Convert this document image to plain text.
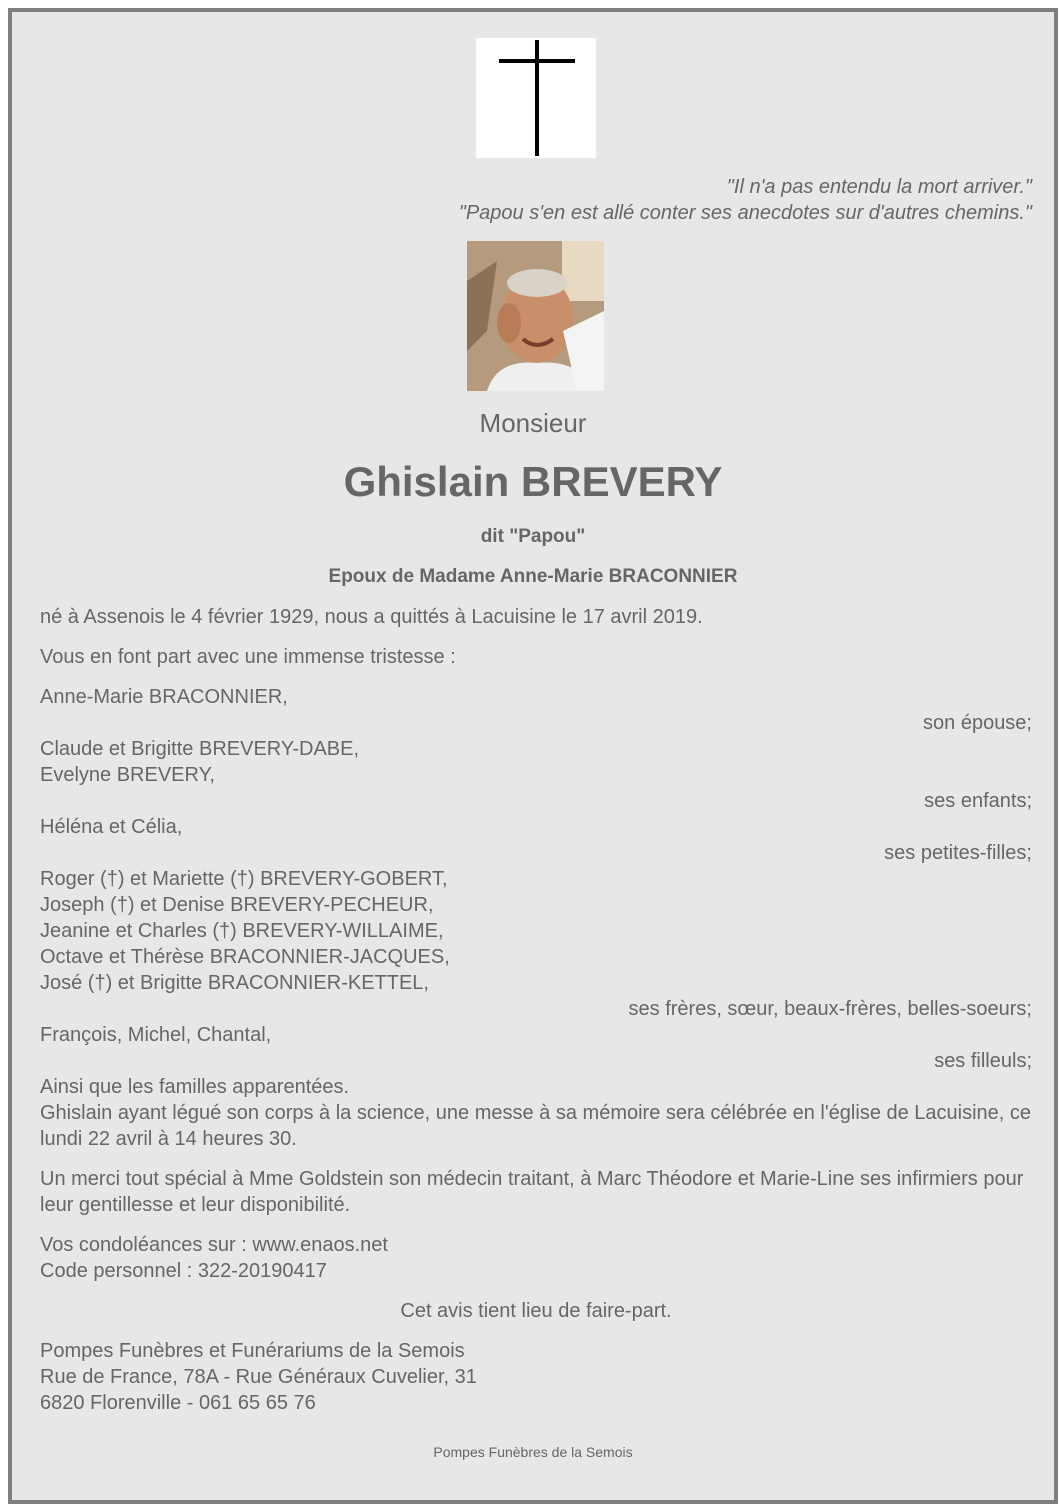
"Il n'a pas entendu la mort arriver."
"Papou s'en est allé conter ses anecdotes sur d'autres chemins."
Monsieur
Ghislain BREVERY
dit "Papou"
Epoux de Madame Anne-Marie BRACONNIER

né à Assenois le 4 février 1929, nous a quittés à Lacuisine le 17 avril 2019.

Vous en font part avec une immense tristesse :

Anne-Marie BRACONNIER,

son épouse;

Claude et Brigitte BREVERY-DABE,

Evelyne BREVERY,

ses enfants;

Héléna et Célia,

ses petites-filles;

Roger (†) et Mariette (†) BREVERY-GOBERT,

Joseph (†) et Denise BREVERY-PECHEUR,

Jeanine et Charles (†) BREVERY-WILLAIME,

Octave et Thérèse BRACONNIER-JACQUES,

José (†) et Brigitte BRACONNIER-KETTEL,

ses frères, sœur, beaux-frères, belles-soeurs;

François, Michel, Chantal,

ses filleuls;

Ainsi que les familles apparentées.

Ghislain ayant légué son corps à la science, une messe à sa mémoire sera célébrée en l'église de Lacuisine, ce lundi 22 avril à 14 heures 30.

Un merci tout spécial à Mme Goldstein son médecin traitant, à Marc Théodore et Marie-Line ses infirmiers pour leur gentillesse et leur disponibilité.

Vos condoléances sur : www.enaos.net

Code personnel : 322-20190417

Cet avis tient lieu de faire-part.

Pompes Funèbres et Funérariums de la Semois

Rue de France, 78A - Rue Généraux Cuvelier, 31

6820 Florenville - 061 65 65 76

Pompes Funèbres de la Semois
